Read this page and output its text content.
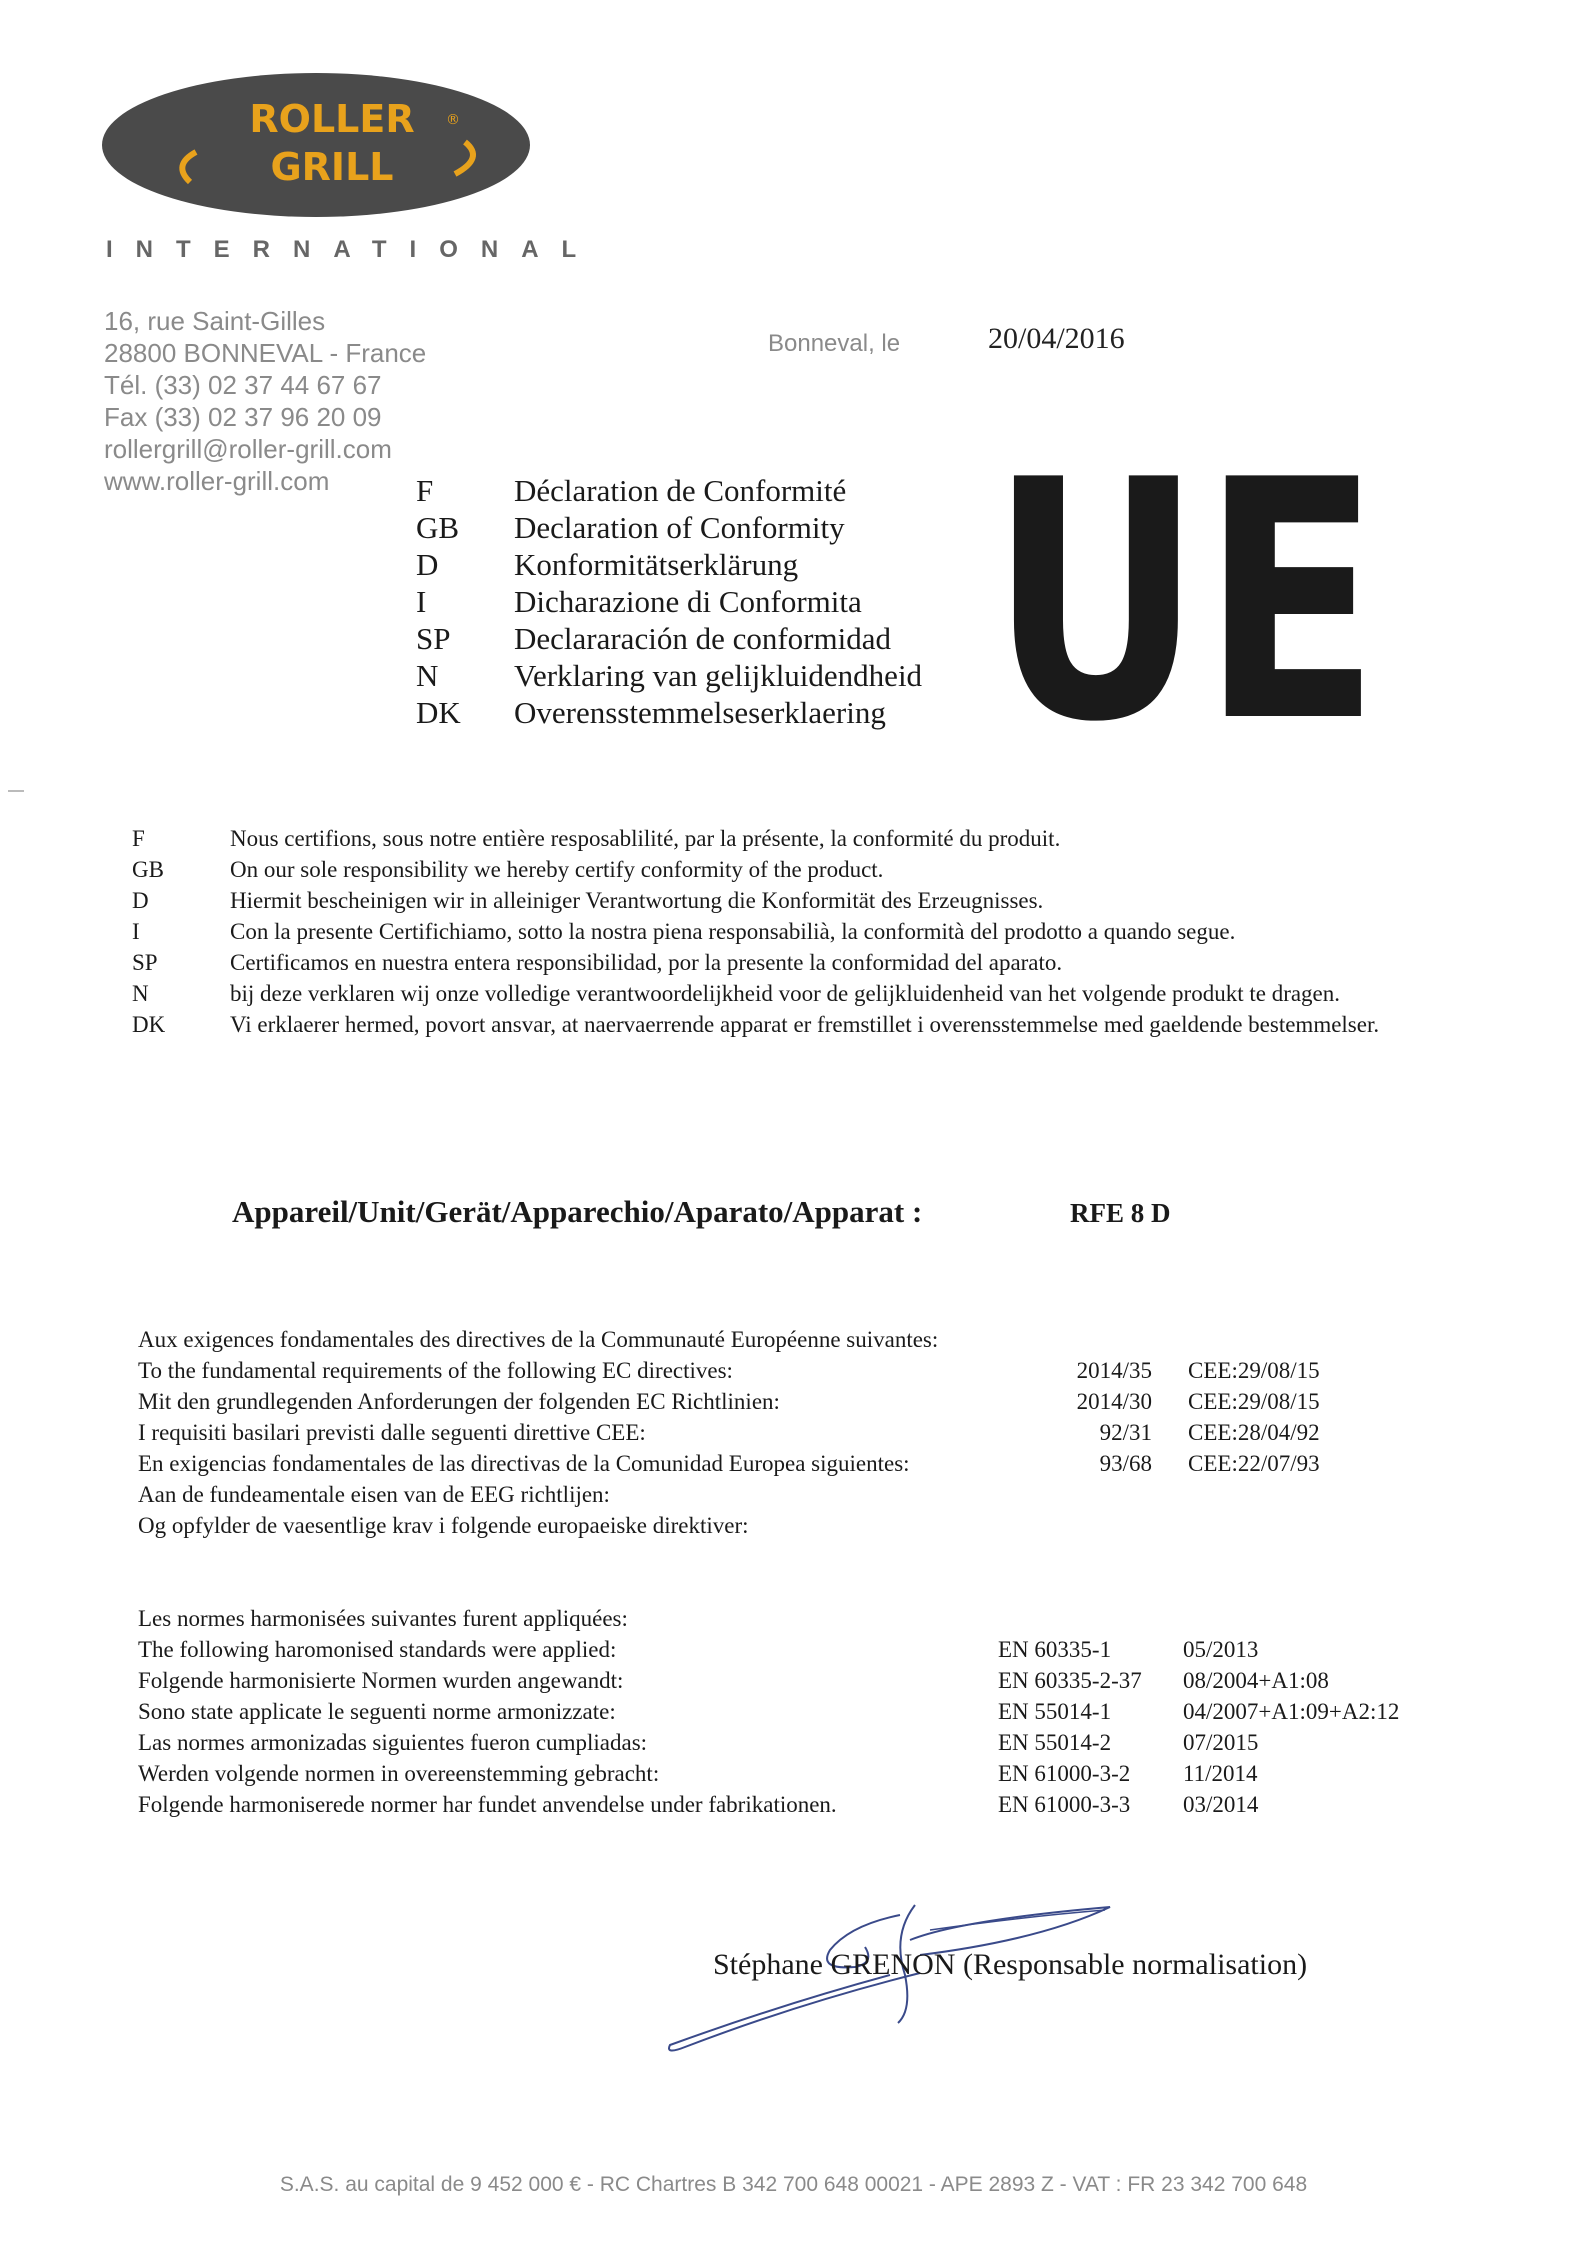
ROLLER ®
GRILL
INTERNATIONAL
16, rue Saint-Gilles
28800 BONNEVAL - France
Tél. (33) 02 37 44 67 67
Fax (33) 02 37 96 20 09
rollergrill@roller-grill.com
www.roller-grill.com
Bonneval, le	20/04/2016
F	Déclaration de Conformité
GB	Declaration of Conformity
D	Konformitätserklärung
I	Dicharazione di Conformita
SP	Declararación de conformidad
N	Verklaring van gelijkluidendheid
DK	Overensstemmelseserklaering UE
F	Nous certifions, sous notre entière resposablilité, par la présente, la conformité du produit.
GB	On our sole responsibility we hereby certify conformity of the product.
D	Hiermit bescheinigen wir in alleiniger Verantwortung die Konformität des Erzeugnisses.
I	Con la presente Certifichiamo, sotto la nostra piena responsabilià, la conformità del prodotto a quando segue.
SP	Certificamos en nuestra entera responsibilidad, por la presente la conformidad del aparato.
N	bij deze verklaren wij onze volledige verantwoordelijkheid voor de gelijkluidenheid van het volgende produkt te dragen.
DK	Vi erklaerer hermed, povort ansvar, at naervaerrende apparat er fremstillet i overensstemmelse med gaeldende bestemmelser.
Appareil/Unit/Gerät/Apparechio/Aparato/Apparat :	RFE 8 D
Aux exigences fondamentales des directives de la Communauté Européenne suivantes:
To the fundamental requirements of the following EC directives:	2014/35 CEE:29/08/15
Mit den grundlegenden Anforderungen der folgenden EC Richtlinien:	2014/30 CEE:29/08/15
I requisiti basilari previsti dalle seguenti direttive CEE:	92/31 CEE:28/04/92
En exigencias fondamentales de las directivas de la Comunidad Europea siguientes:	93/68 CEE:22/07/93
Aan de fundeamentale eisen van de EEG richtlijen:
Og opfylder de vaesentlige krav i folgende europaeiske direktiver:
Les normes harmonisées suivantes furent appliquées:
The following haromonised standards were applied:	EN 60335-1	05/2013
Folgende harmonisierte Normen wurden angewandt:	EN 60335-2-37 08/2004+A1:08
Sono state applicate le seguenti norme armonizzate:	EN 55014-1	04/2007+A1:09+A2:12
Las normes armonizadas siguientes fueron cumpliadas:	EN 55014-2	07/2015
Werden volgende normen in overeenstemming gebracht:	EN 61000-3-2 11/2014
Folgende harmoniserede normer har fundet anvendelse under fabrikationen.	EN 61000-3-3 03/2014
Stéphane GRENON (Responsable normalisation)
S.A.S. au capital de 9 452 000 € - RC Chartres B 342 700 648 00021 - APE 2893 Z - VAT : FR 23 342 700 648
